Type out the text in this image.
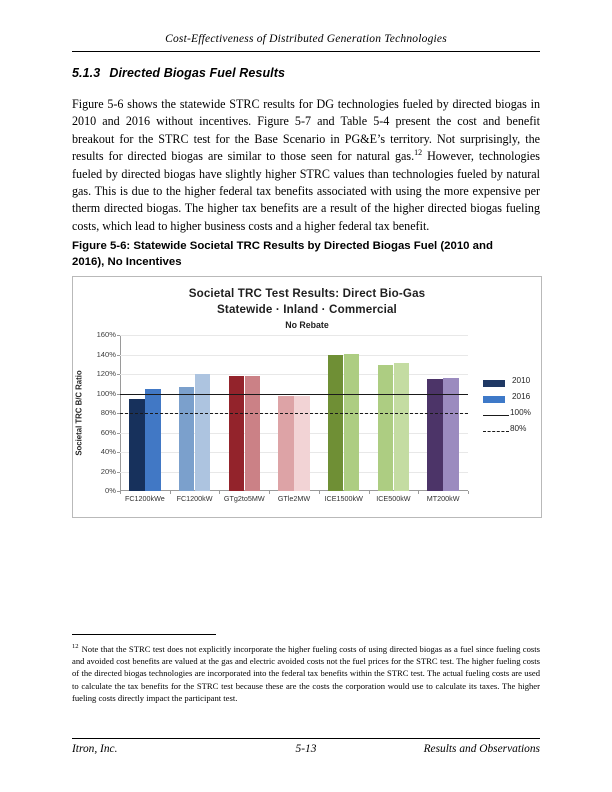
Cost-Effectiveness of Distributed Generation Technologies
5.1.3 Directed Biogas Fuel Results
Figure 5-6 shows the statewide STRC results for DG technologies fueled by directed biogas in 2010 and 2016 without incentives. Figure 5-7 and Table 5-4 present the cost and benefit breakout for the STRC test for the Base Scenario in PG&E’s territory. Not surprisingly, the results for directed biogas are similar to those seen for natural gas.$^{12}$ However, technologies fueled by directed biogas have slightly higher STRC values than technologies fueled by natural gas. This is due to the higher federal tax benefits associated with using the more expensive per therm directed biogas. The higher tax benefits are a result of the higher directed biogas fueling costs, which lead to higher business costs and a higher federal tax benefit.
Figure 5-6: Statewide Societal TRC Results by Directed Biogas Fuel (2010 and
2016), No Incentives
Societal TRC Test Results: Direct Bio-Gas
Statewide · Inland · Commercial
No Rebate
Societal TRC B/C Ratio
160%
140%
120%
100%
80%
60%
40%
20%
0%
FC1200kWe	FC1200kW	GTg2to5MW	GTle2MW	ICE1500kW	ICE500kW	MT200kW
2010
2016
100%
80%
$^{12}$ Note that the STRC test does not explicitly incorporate the higher fueling costs of using directed biogas as a fuel since fueling costs and avoided cost benefits are valued at the gas and electric avoided costs not the fuel prices for the STRC test. The higher fueling costs of the directed biogas technologies are incorporated into the federal tax benefits within the STRC test. The actual fueling costs are used to calculate the tax benefits for the STRC test because these are the costs the corporation would use to calculate its taxes. The higher fueling costs directly impact the participant test.
Itron, Inc.	5-13	Results and Observations
